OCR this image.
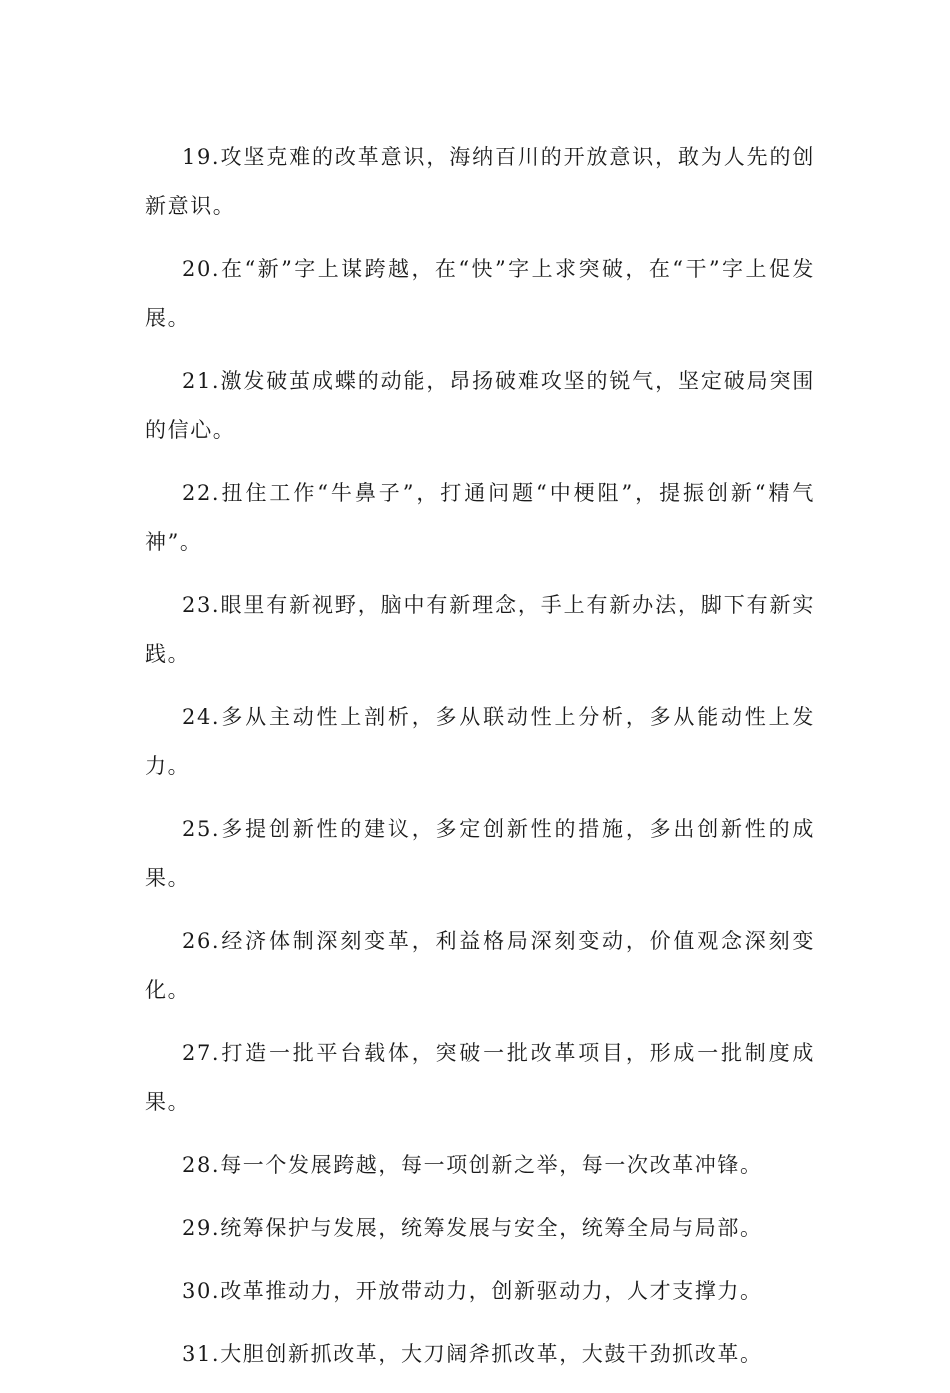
19.攻坚克难的改革意识，海纳百川的开放意识，敢为人先的创新意识。

20.在“新”字上谋跨越，在“快”字上求突破，在“干”字上促发展。

21.激发破茧成蝶的动能，昂扬破难攻坚的锐气，坚定破局突围的信心。

22.扭住工作“牛鼻子”，打通问题“中梗阻”，提振创新“精气神”。

23.眼里有新视野，脑中有新理念，手上有新办法，脚下有新实践。

24.多从主动性上剖析，多从联动性上分析，多从能动性上发力。

25.多提创新性的建议，多定创新性的措施，多出创新性的成果。

26.经济体制深刻变革，利益格局深刻变动，价值观念深刻变化。

27.打造一批平台载体，突破一批改革项目，形成一批制度成果。

28.每一个发展跨越，每一项创新之举，每一次改革冲锋。

29.统筹保护与发展，统筹发展与安全，统筹全局与局部。

30.改革推动力，开放带动力，创新驱动力，人才支撑力。

31.大胆创新抓改革，大刀阔斧抓改革，大鼓干劲抓改革。
